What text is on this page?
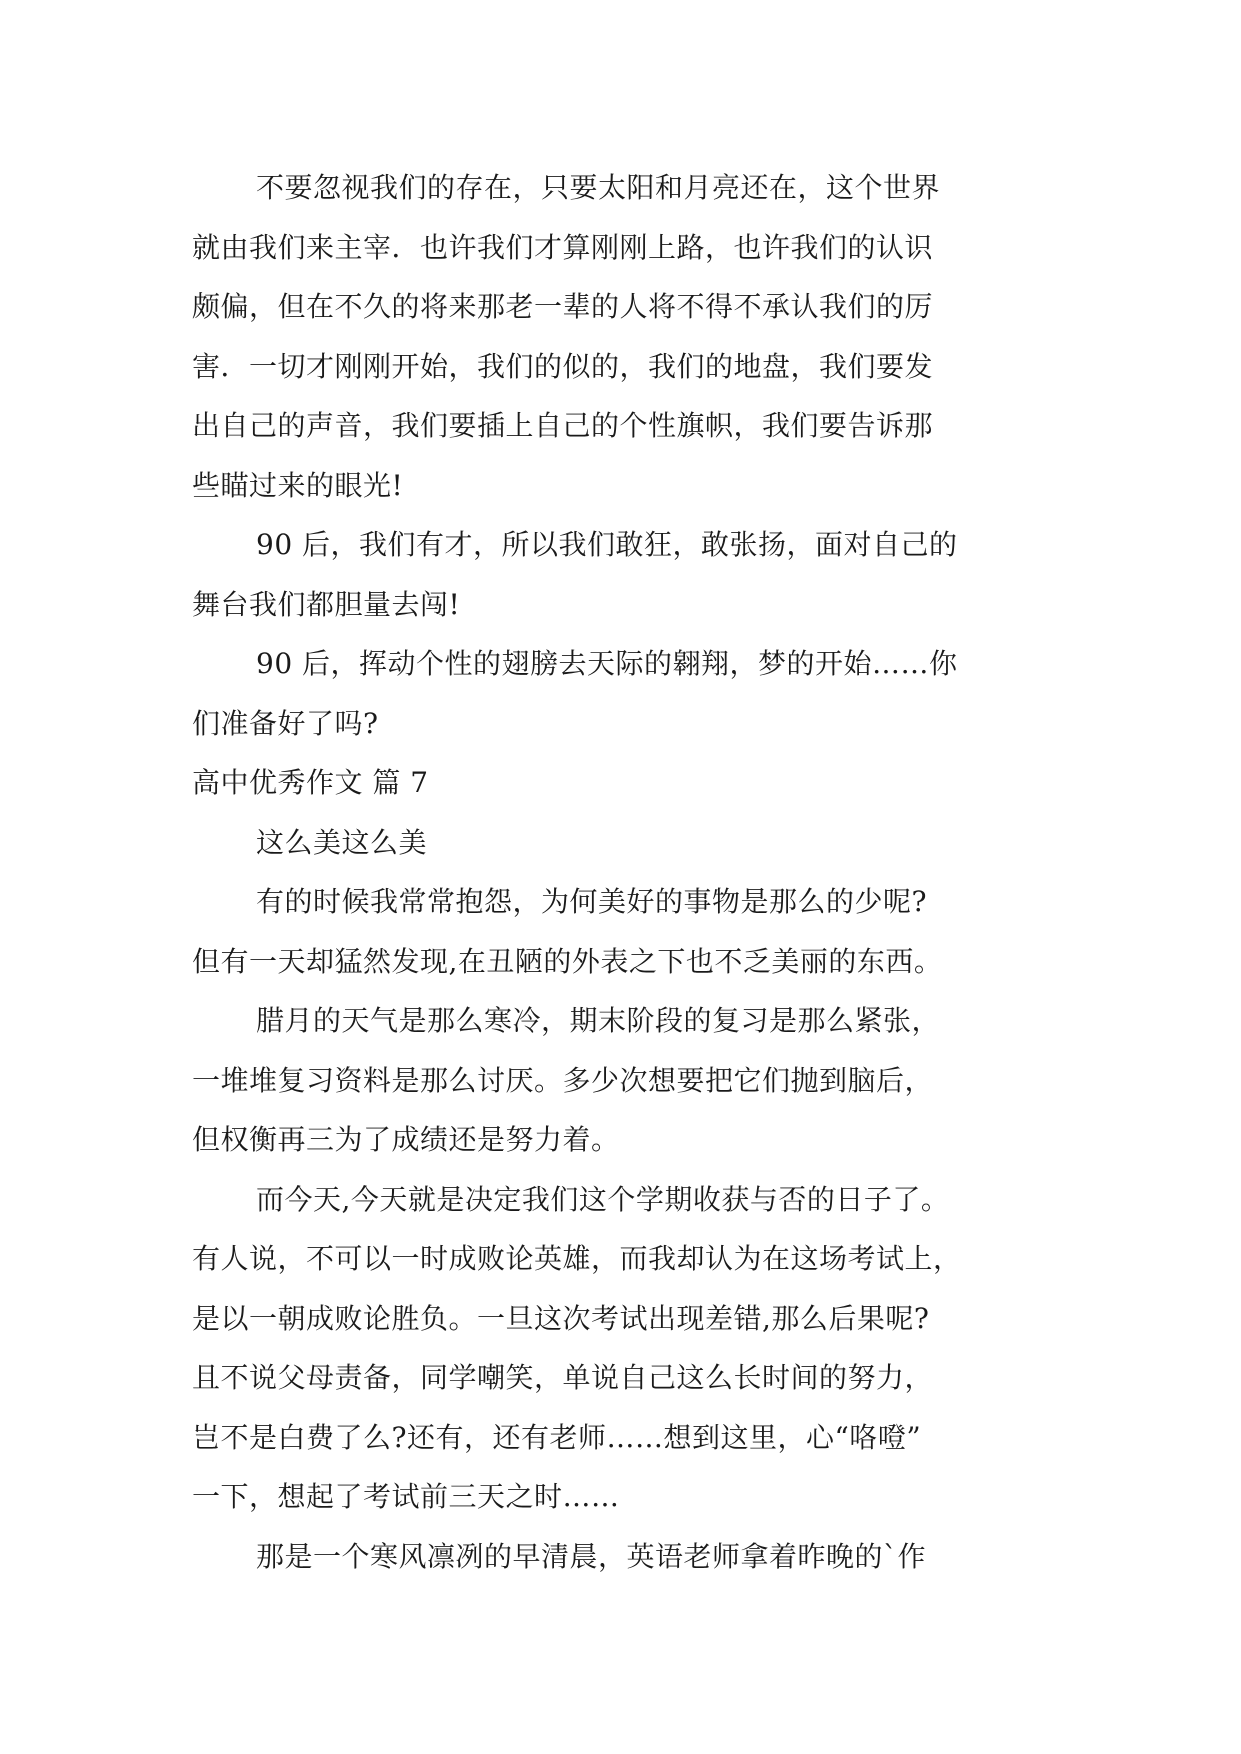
不要忽视我们的存在，只要太阳和月亮还在，这个世界
就由我们来主宰．也许我们才算刚刚上路，也许我们的认识
颇偏，但在不久的将来那老一辈的人将不得不承认我们的厉
害．一切才刚刚开始，我们的似的，我们的地盘，我们要发
出自己的声音，我们要插上自己的个性旗帜，我们要告诉那
些瞄过来的眼光!

90 后，我们有才，所以我们敢狂，敢张扬，面对自己的
舞台我们都胆量去闯!

90 后，挥动个性的翅膀去天际的翱翔，梦的开始……你
们准备好了吗?

高中优秀作文 篇 7

这么美这么美

有的时候我常常抱怨，为何美好的事物是那么的少呢?
但有一天却猛然发现,在丑陋的外表之下也不乏美丽的东西。

腊月的天气是那么寒冷，期末阶段的复习是那么紧张，
一堆堆复习资料是那么讨厌。多少次想要把它们抛到脑后，
但权衡再三为了成绩还是努力着。

而今天,今天就是决定我们这个学期收获与否的日子了。
有人说，不可以一时成败论英雄，而我却认为在这场考试上，
是以一朝成败论胜负。一旦这次考试出现差错,那么后果呢?
且不说父母责备，同学嘲笑，单说自己这么长时间的努力，
岂不是白费了么?还有，还有老师……想到这里，心“咯噔”
一下，想起了考试前三天之时……

那是一个寒风凛冽的早清晨，英语老师拿着昨晚的`作
